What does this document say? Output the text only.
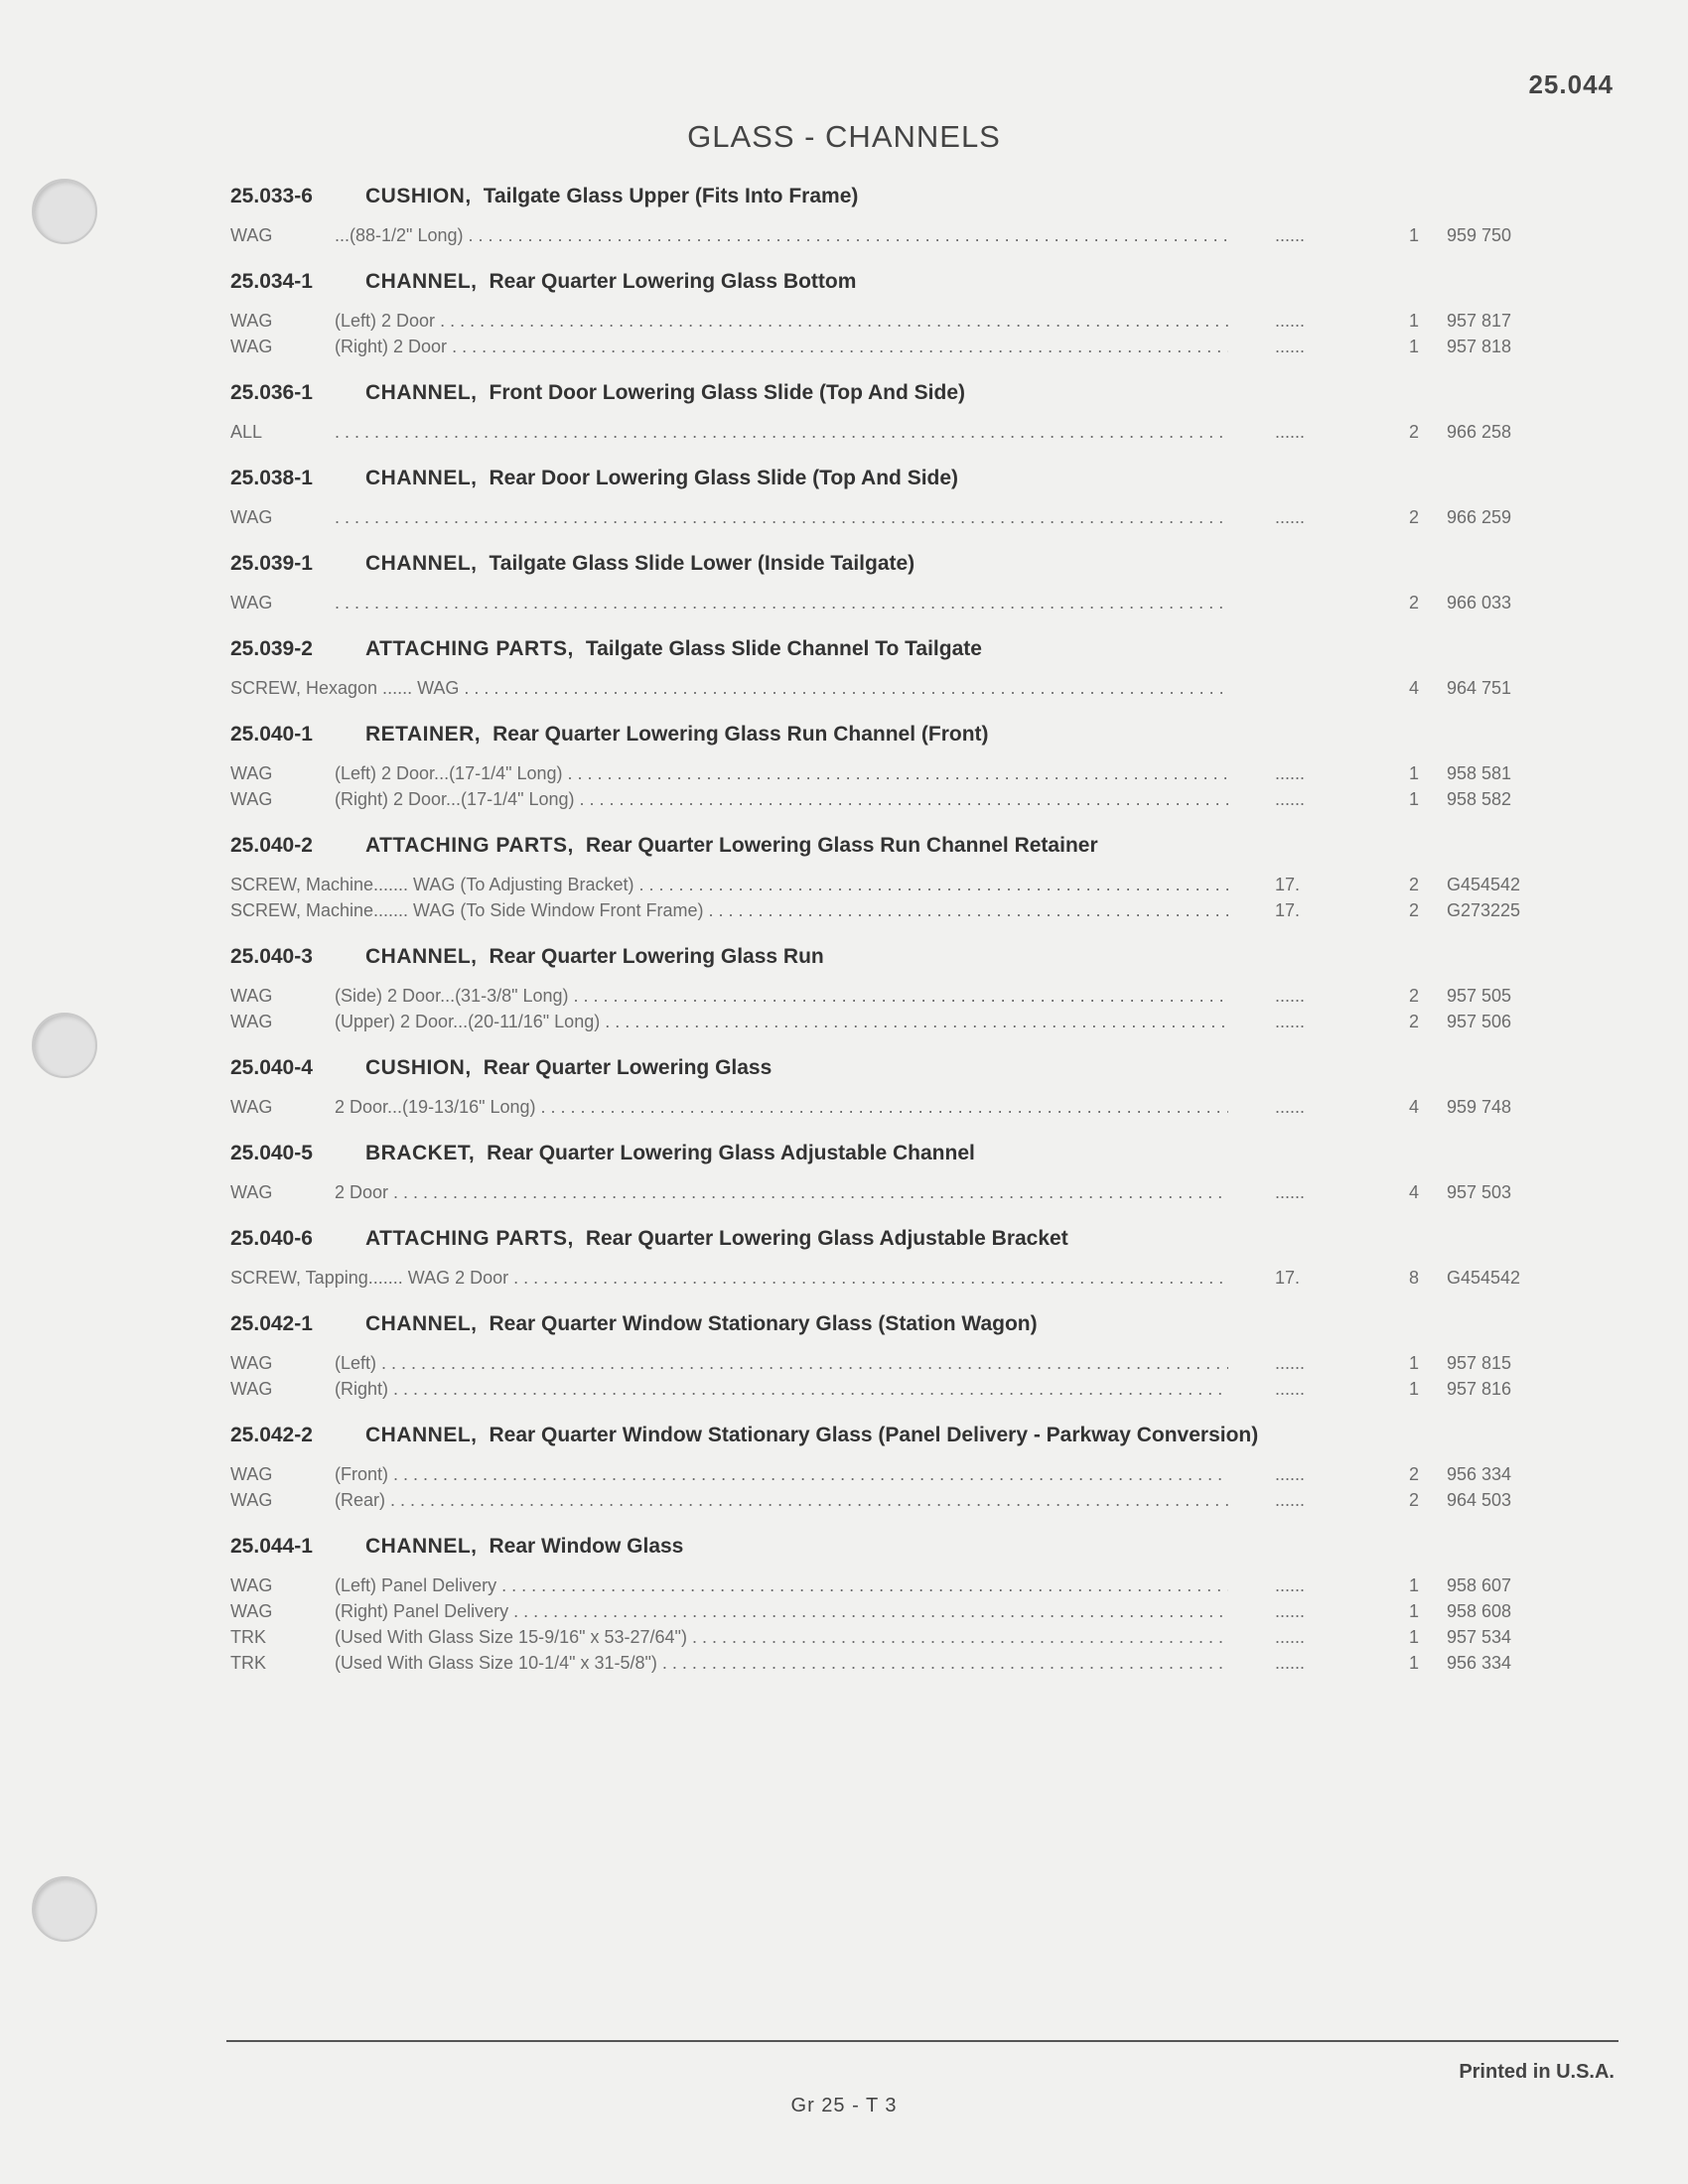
25.044
GLASS - CHANNELS
25.033-6	CUSHION, Tailgate Glass Upper (Fits Into Frame)
WAG	...(88-1/2" Long) . . .	......	1	959 750
25.034-1	CHANNEL, Rear Quarter Lowering Glass Bottom
WAG	(Left) 2 Door . . .	......	1	957 817
WAG	(Right) 2 Door . . .	......	1	957 818
25.036-1	CHANNEL, Front Door Lowering Glass Slide (Top And Side)
ALL . . .	......	2	966 258
25.038-1	CHANNEL, Rear Door Lowering Glass Slide (Top And Side)
WAG . . .	......	2	966 259
25.039-1	CHANNEL, Tailgate Glass Slide Lower (Inside Tailgate)
WAG . . .	2	966 033
25.039-2	ATTACHING PARTS, Tailgate Glass Slide Channel To Tailgate
SCREW, Hexagon ...... WAG . . .	4	964 751
25.040-1	RETAINER, Rear Quarter Lowering Glass Run Channel (Front)
WAG	(Left) 2 Door...(17-1/4" Long) . . .	......	1	958 581
WAG	(Right) 2 Door...(17-1/4" Long) . . .	......	1	958 582
25.040-2	ATTACHING PARTS, Rear Quarter Lowering Glass Run Channel Retainer
SCREW, Machine....... WAG (To Adjusting Bracket) . . .	17.	2	G454542
SCREW, Machine....... WAG (To Side Window Front Frame) . . .	17.	2	G273225
25.040-3	CHANNEL, Rear Quarter Lowering Glass Run
WAG	(Side) 2 Door...(31-3/8" Long) . . .	......	2	957 505
WAG	(Upper) 2 Door...(20-11/16" Long) . . .	......	2	957 506
25.040-4	CUSHION, Rear Quarter Lowering Glass
WAG	2 Door...(19-13/16" Long) . . .	......	4	959 748
25.040-5	BRACKET, Rear Quarter Lowering Glass Adjustable Channel
WAG	2 Door . . .	......	4	957 503
25.040-6	ATTACHING PARTS, Rear Quarter Lowering Glass Adjustable Bracket
SCREW, Tapping....... WAG 2 Door . . .	17.	8	G454542
25.042-1	CHANNEL, Rear Quarter Window Stationary Glass (Station Wagon)
WAG	(Left) . . .	......	1	957 815
WAG	(Right) . . .	......	1	957 816
25.042-2	CHANNEL, Rear Quarter Window Stationary Glass (Panel Delivery - Parkway Conversion)
WAG	(Front) . . .	......	2	956 334
WAG	(Rear) . . .	......	2	964 503
25.044-1	CHANNEL, Rear Window Glass
WAG	(Left) Panel Delivery . . .	......	1	958 607
WAG	(Right) Panel Delivery . . .	......	1	958 608
TRK	(Used With Glass Size 15-9/16" x 53-27/64") . . .	......	1	957 534
TRK	(Used With Glass Size 10-1/4" x 31-5/8") . . .	......	1	956 334
Printed in U.S.A.
Gr 25 - T 3
